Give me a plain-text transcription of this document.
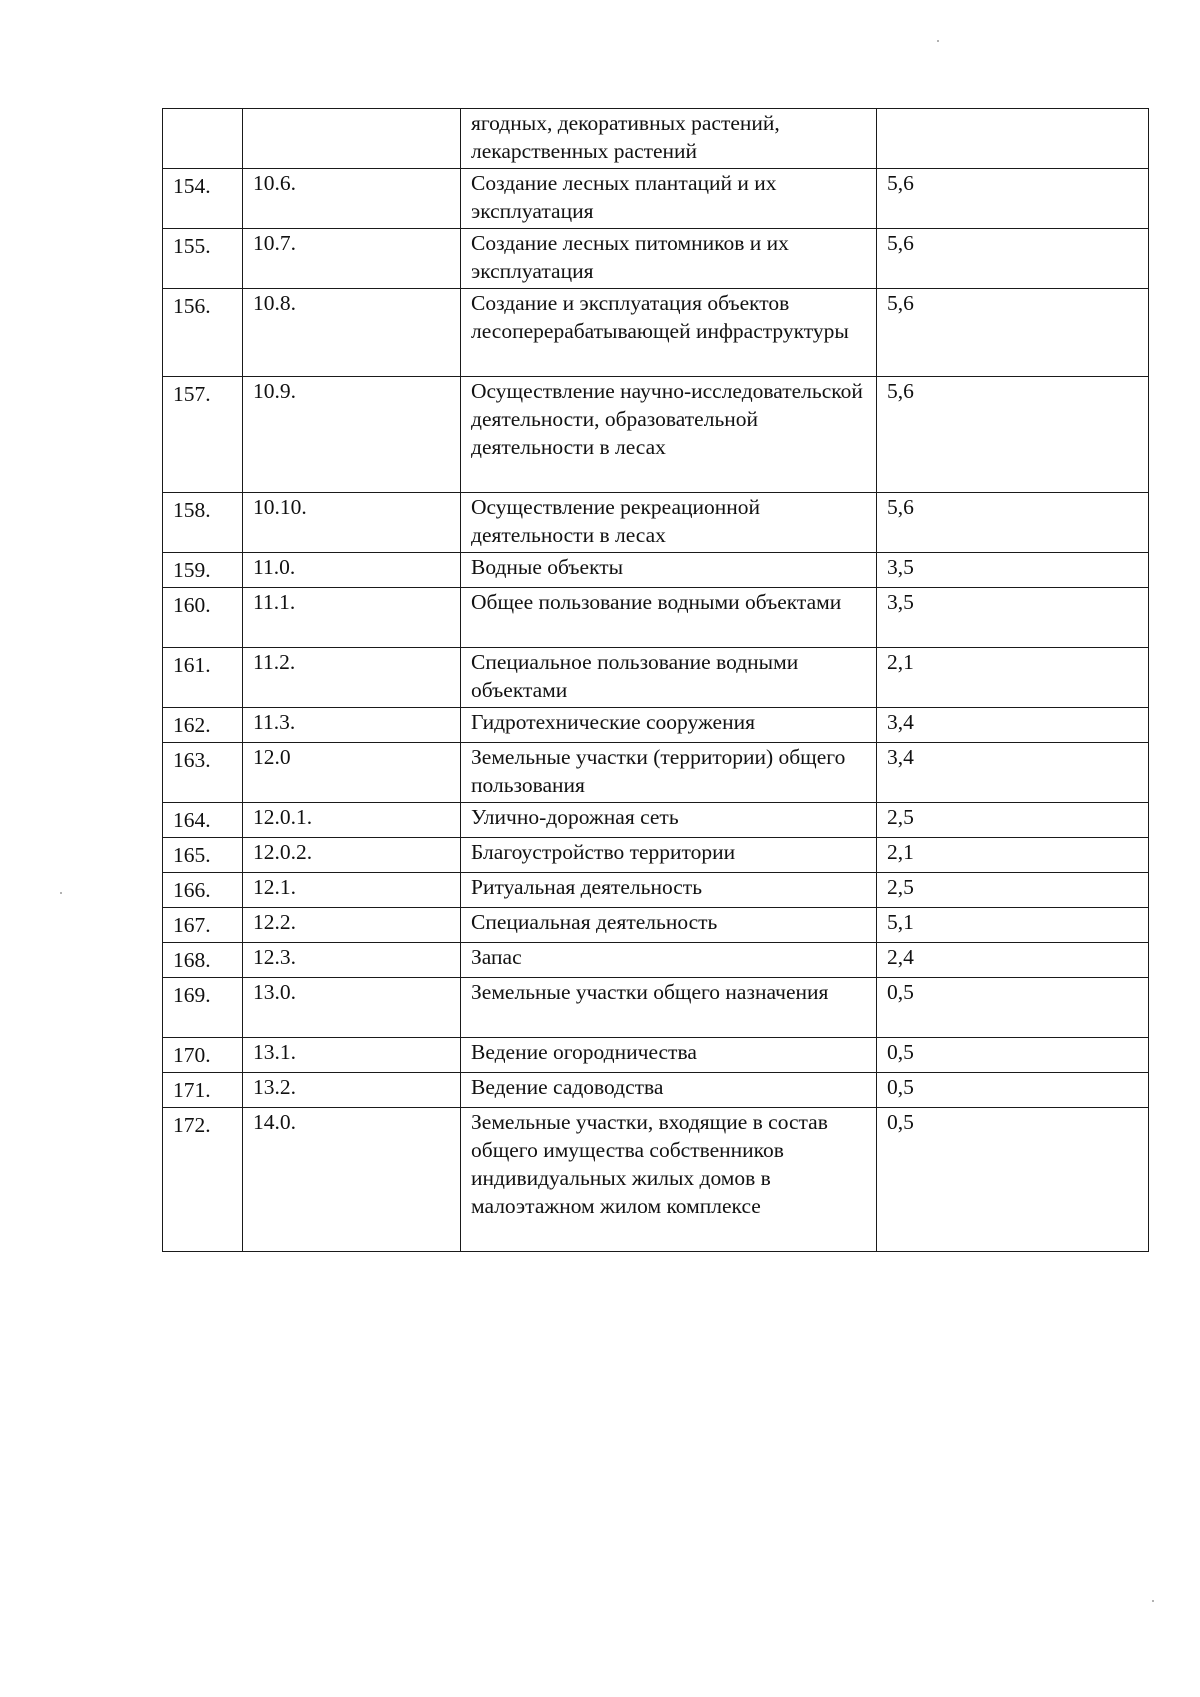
		ягодных, декоративных растений, лекарственных растений	
154.	10.6.	Создание лесных плантаций и их эксплуатация	5,6
155.	10.7.	Создание лесных питомников и их эксплуатация	5,6
156.	10.8.	Создание и эксплуатация объектов лесоперерабатывающей инфраструктуры	5,6
157.	10.9.	Осуществление научно-исследовательской деятельности, образовательной деятельности в лесах	5,6
158.	10.10.	Осуществление рекреационной деятельности в лесах	5,6
159.	11.0.	Водные объекты	3,5
160.	11.1.	Общее пользование водными объектами	3,5
161.	11.2.	Специальное пользование водными объектами	2,1
162.	11.3.	Гидротехнические сооружения	3,4
163.	12.0	Земельные участки (территории) общего пользования	3,4
164.	12.0.1.	Улично-дорожная сеть	2,5
165.	12.0.2.	Благоустройство территории	2,1
166.	12.1.	Ритуальная деятельность	2,5
167.	12.2.	Специальная деятельность	5,1
168.	12.3.	Запас	2,4
169.	13.0.	Земельные участки общего назначения	0,5
170.	13.1.	Ведение огородничества	0,5
171.	13.2.	Ведение садоводства	0,5
172.	14.0.	Земельные участки, входящие в состав общего имущества собственников индивидуальных жилых домов в малоэтажном жилом комплексе	0,5
